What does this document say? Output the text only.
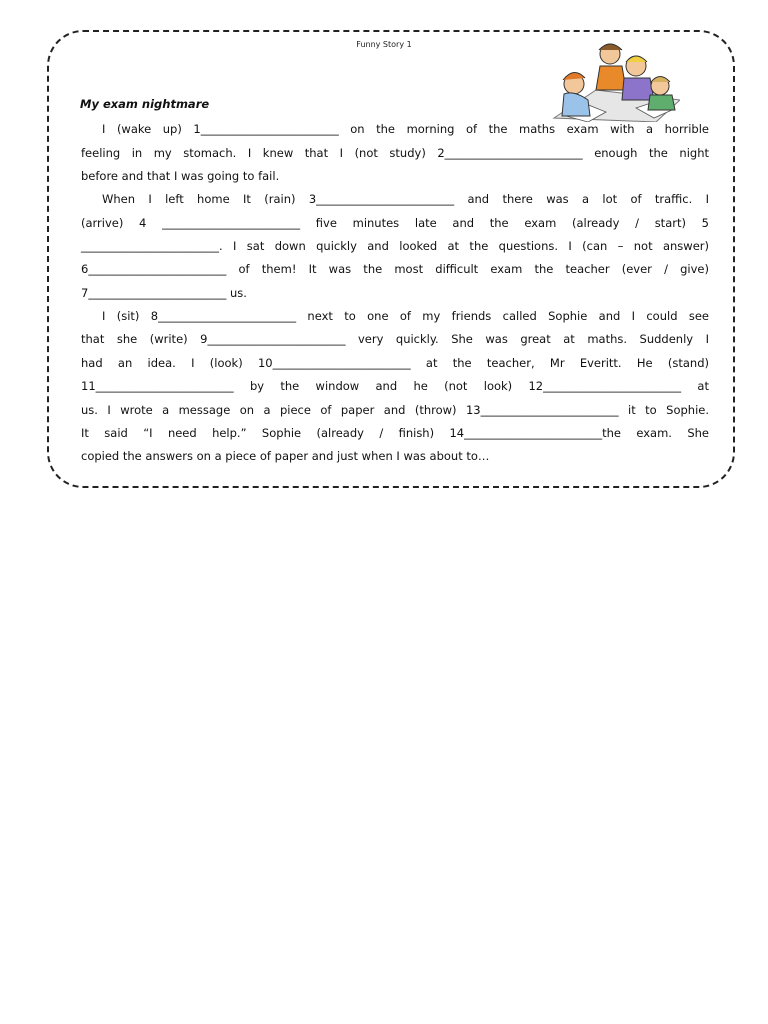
Funny Story 1
My exam nightmare
I (wake up) 1________________________ on the morning of the maths exam with a horrible
feeling in my stomach. I knew that I (not study) 2________________________ enough the night
before and that I was going to fail.
When I left home It (rain) 3________________________ and there was a lot of traffic. I
(arrive) 4 ________________________ five minutes late and the exam (already / start) 5
________________________. I sat down quickly and looked at the questions. I (can – not answer)
6________________________ of them! It was the most difficult exam the teacher (ever / give)
7________________________ us.
I (sit) 8________________________ next to one of my friends called Sophie and I could see
that she (write) 9________________________ very quickly. She was great at maths. Suddenly I
had an idea. I (look) 10________________________ at the teacher, Mr Everitt. He (stand)
11________________________ by the window and he (not look) 12________________________ at
us. I wrote a message on a piece of paper and (throw) 13________________________ it to Sophie.
It said “I need help.” Sophie (already / finish) 14________________________the exam. She
copied the answers on a piece of paper and just when I was about to…
